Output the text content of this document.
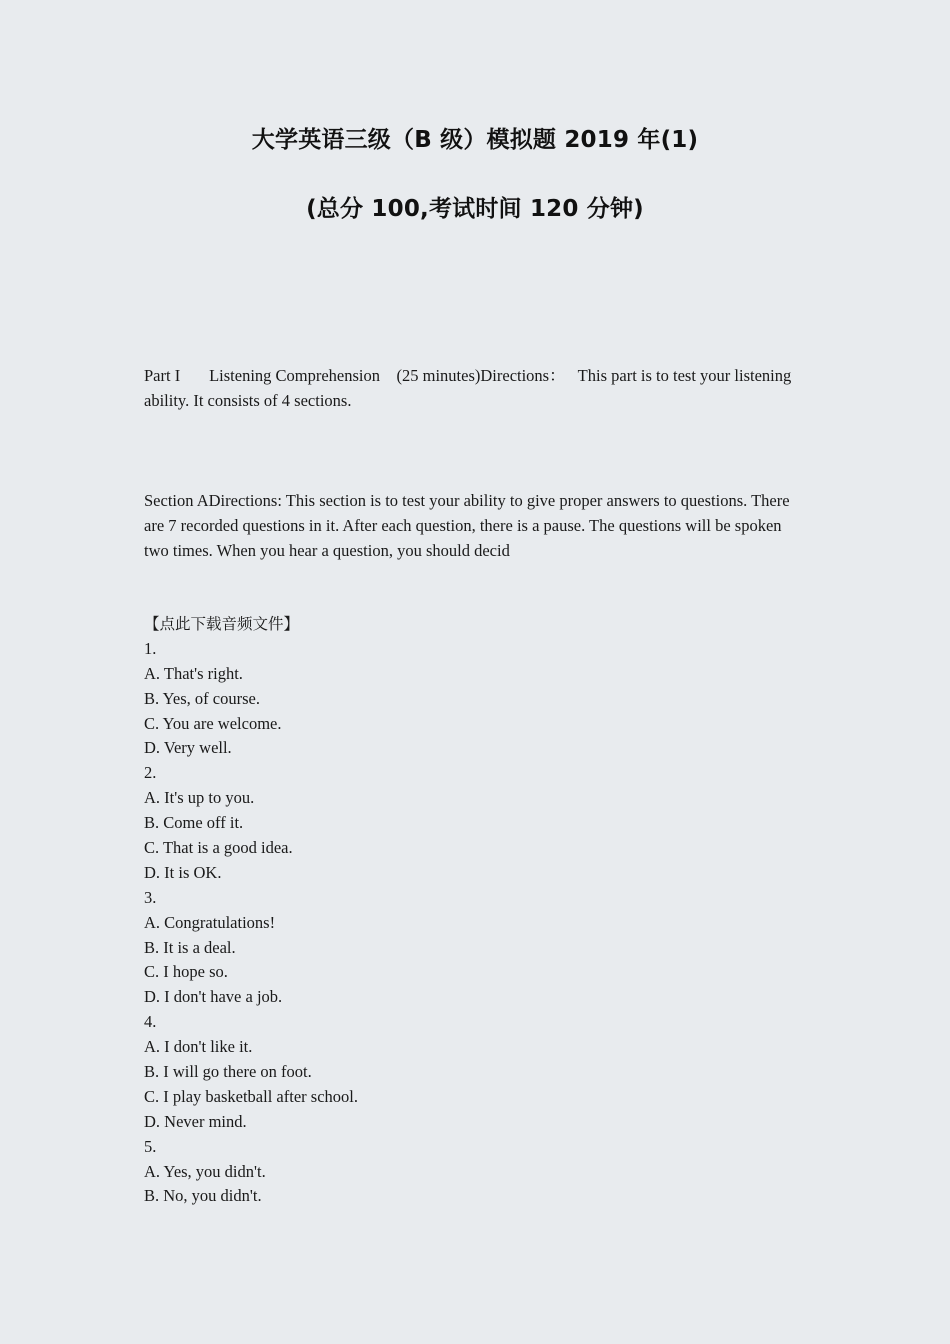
大学英语三级（B 级）模拟题 2019 年(1)
(总分 100,考试时间 120 分钟)

Part I       Listening Comprehension    (25 minutes)Directions：   This part is to test your listening ability. It consists of 4 sections.

Section ADirections: This section is to test your ability to give proper answers to questions. There are 7 recorded questions in it. After each question, there is a pause. The questions will be spoken two times. When you hear a question, you should decid

【点此下载音频文件】
1.
A. That's right.
B. Yes, of course.
C. You are welcome.
D. Very well.
2.
A. It's up to you.
B. Come off it.
C. That is a good idea.
D. It is OK.
3.
A. Congratulations!
B. It is a deal.
C. I hope so.
D. I don't have a job.
4.
A. I don't like it.
B. I will go there on foot.
C. I play basketball after school.
D. Never mind.
5.
A. Yes, you didn't.
B. No, you didn't.
